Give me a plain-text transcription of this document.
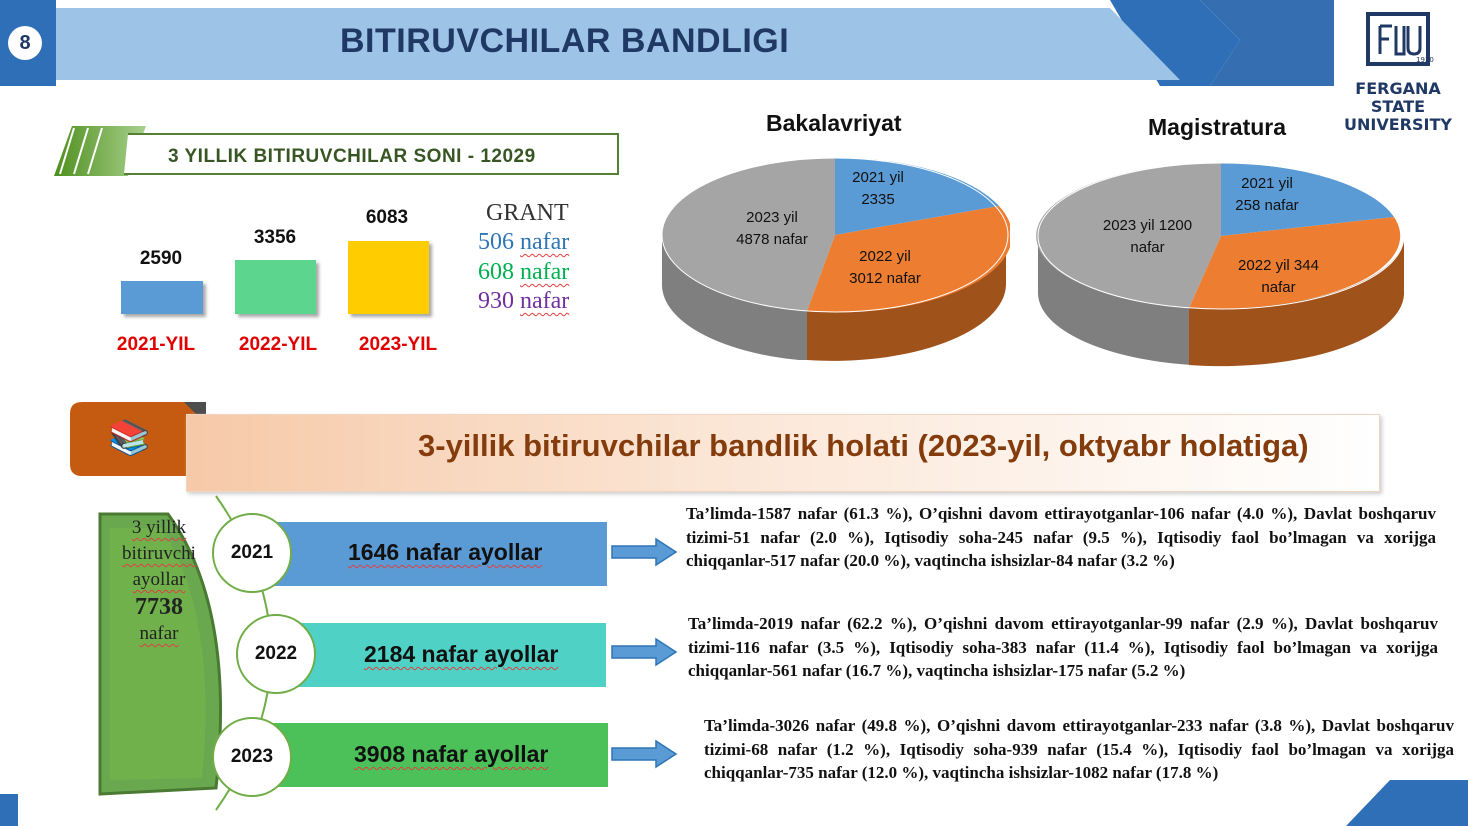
8	BITIRUVCHILAR BANDLIGI	1930
FERGANA STATE
UNIVERSITY
3 YILLIK BITIRUVCHILAR SONI - 12029
2590
2021-YIL
3356
2022-YIL
6083
2023-YIL
GRANT
506 nafar
608 nafar
930 nafar
Bakalavriyat	Magistratura
2021 yil
2335
2022 yil
3012 nafar
2023 yil
4878 nafar
2021 yil
258 nafar
2022 yil 344
nafar
2023 yil 1200
nafar
📚	3-yillik bitiruvchilar bandlik holati (2023-yil, oktyabr holatiga)
3 yillik
bitiruvchi
ayollar
7738
nafar
1646 nafar ayollar
2021
2184 nafar ayollar
2022
3908 nafar ayollar
2023
Ta’limda-1587 nafar (61.3 %), O’qishni davom ettirayotganlar-106 nafar (4.0 %), Davlat boshqaruv tizimi-51 nafar (2.0 %), Iqtisodiy soha-245 nafar (9.5 %), Iqtisodiy faol bo’lmagan va xorijga chiqqanlar-517 nafar (20.0 %), vaqtincha ishsizlar-84 nafar (3.2 %)
Ta’limda-2019 nafar (62.2 %), O’qishni davom ettirayotganlar-99 nafar (2.9 %), Davlat boshqaruv tizimi-116 nafar (3.5 %), Iqtisodiy soha-383 nafar (11.4 %), Iqtisodiy faol bo’lmagan va xorijga chiqqanlar-561 nafar (16.7 %), vaqtincha ishsizlar-175 nafar (5.2 %)
Ta’limda-3026 nafar (49.8 %), O’qishni davom ettirayotganlar-233 nafar (3.8 %), Davlat boshqaruv tizimi-68 nafar (1.2 %), Iqtisodiy soha-939 nafar (15.4 %), Iqtisodiy faol bo’lmagan va xorijga chiqqanlar-735 nafar (12.0 %), vaqtincha ishsizlar-1082 nafar (17.8 %)
